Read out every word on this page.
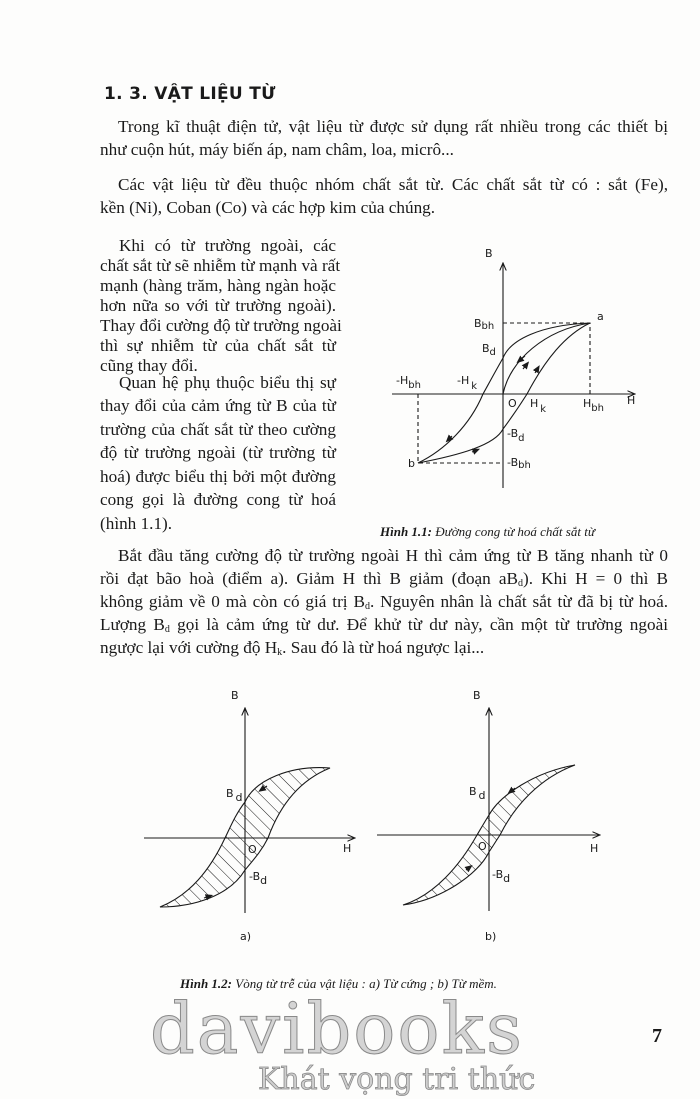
1. 3. VẬT LIỆU TỪ
Trong kĩ thuật điện tử, vật liệu từ được sử dụng rất nhiều trong các thiết bị
như cuộn hút, máy biến áp, nam châm, loa, micrô...
Các vật liệu từ đều thuộc nhóm chất sắt từ. Các chất sắt từ có : sắt (Fe),
kền (Ni), Coban (Co) và các hợp kim của chúng.
Khi có từ trường ngoài, các
chất sắt từ sẽ nhiễm từ mạnh và rất
mạnh (hàng trăm, hàng ngàn hoặc
hơn nữa so với từ trường ngoài).
Thay đổi cường độ từ trường ngoài
thì sự nhiễm từ của chất sắt từ
cũng thay đổi.
Quan hệ phụ thuộc biểu thị sự
thay đổi của cảm ứng từ B của từ
trường của chất sắt từ theo cường
độ từ trường ngoài (từ trường từ
hoá) được biểu thị bởi một đường
cong gọi là đường cong từ hoá
(hình 1.1).	Hình 1.1: Đường cong từ hoá chất sắt từ
Bắt đầu tăng cường độ từ trường ngoài H thì cảm ứng từ B tăng nhanh từ 0
rồi đạt bão hoà (điểm a). Giảm H thì B giảm (đoạn $aB_d$). Khi H = 0 thì B
không giảm về 0 mà còn có giá trị $B_d$. Nguyên nhân là chất sắt từ đã bị từ hoá.
Lượng $B_d$ gọi là cảm ứng từ dư. Để khử từ dư này, cần một từ trường ngoài
ngược lại với cường độ $H_k$. Sau đó là từ hoá ngược lại...
B
a
Bbh
Bd
-Hbh	-H k
O H k	Hbh
H
-Bd
b	-Bbh
B
B d
O	H
-Bd
a)
B
B d
O	H
-Bd
b)
Hình 1.2: Vòng từ trễ của vật liệu : a) Từ cứng ; b) Từ mềm.
davibooks
Khát vọng tri thức
7
